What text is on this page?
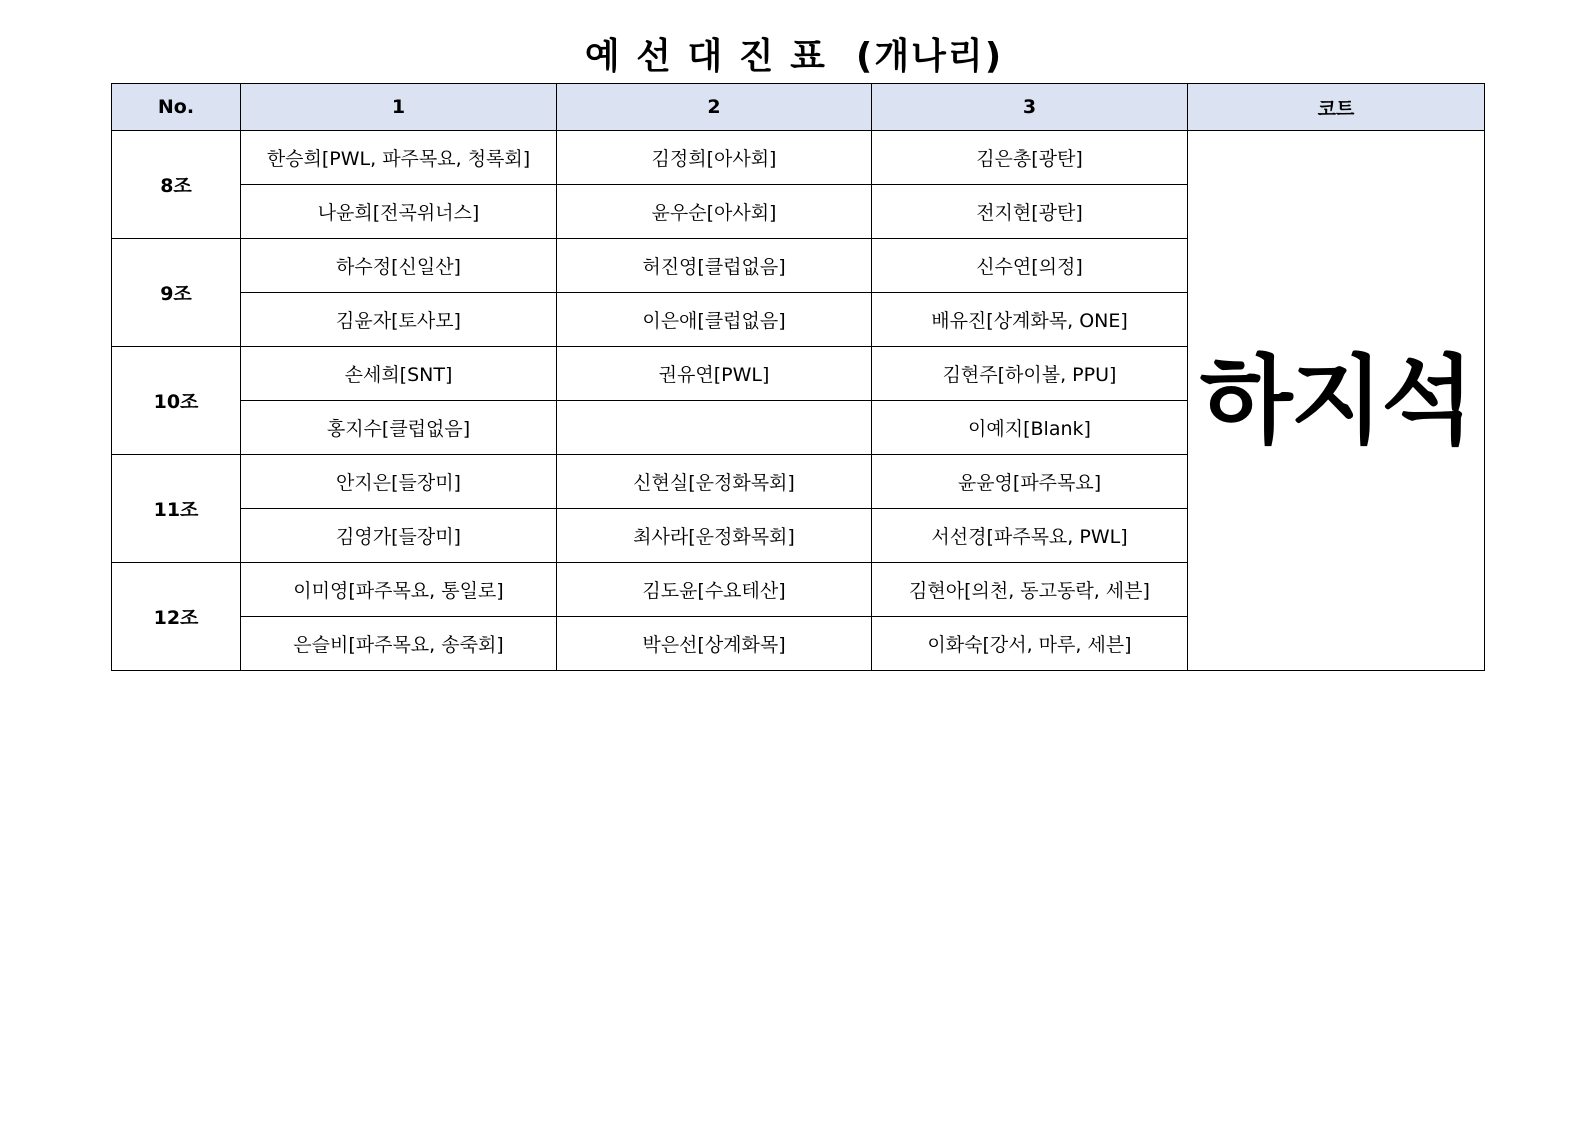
예 선 대 진 표  (개나리)
No.	1	2	3	코트
8조	한승희[PWL, 파주목요, 청록회]	김정희[아사회]	김은총[광탄]	하지석
	나윤희[전곡위너스]	윤우순[아사회]	전지현[광탄]	
9조	하수정[신일산]	허진영[클럽없음]	신수연[의정]	
	김윤자[토사모]	이은애[클럽없음]	배유진[상계화목, ONE]	
10조	손세희[SNT]	권유연[PWL]	김현주[하이볼, PPU]	
	홍지수[클럽없음]		이예지[Blank]	
11조	안지은[들장미]	신현실[운정화목회]	윤윤영[파주목요]	
	김영가[들장미]	최사라[운정화목회]	서선경[파주목요, PWL]	
12조	이미영[파주목요, 통일로]	김도윤[수요테산]	김현아[의천, 동고동락, 세븐]	
	은슬비[파주목요, 송죽회]	박은선[상계화목]	이화숙[강서, 마루, 세븐]	
